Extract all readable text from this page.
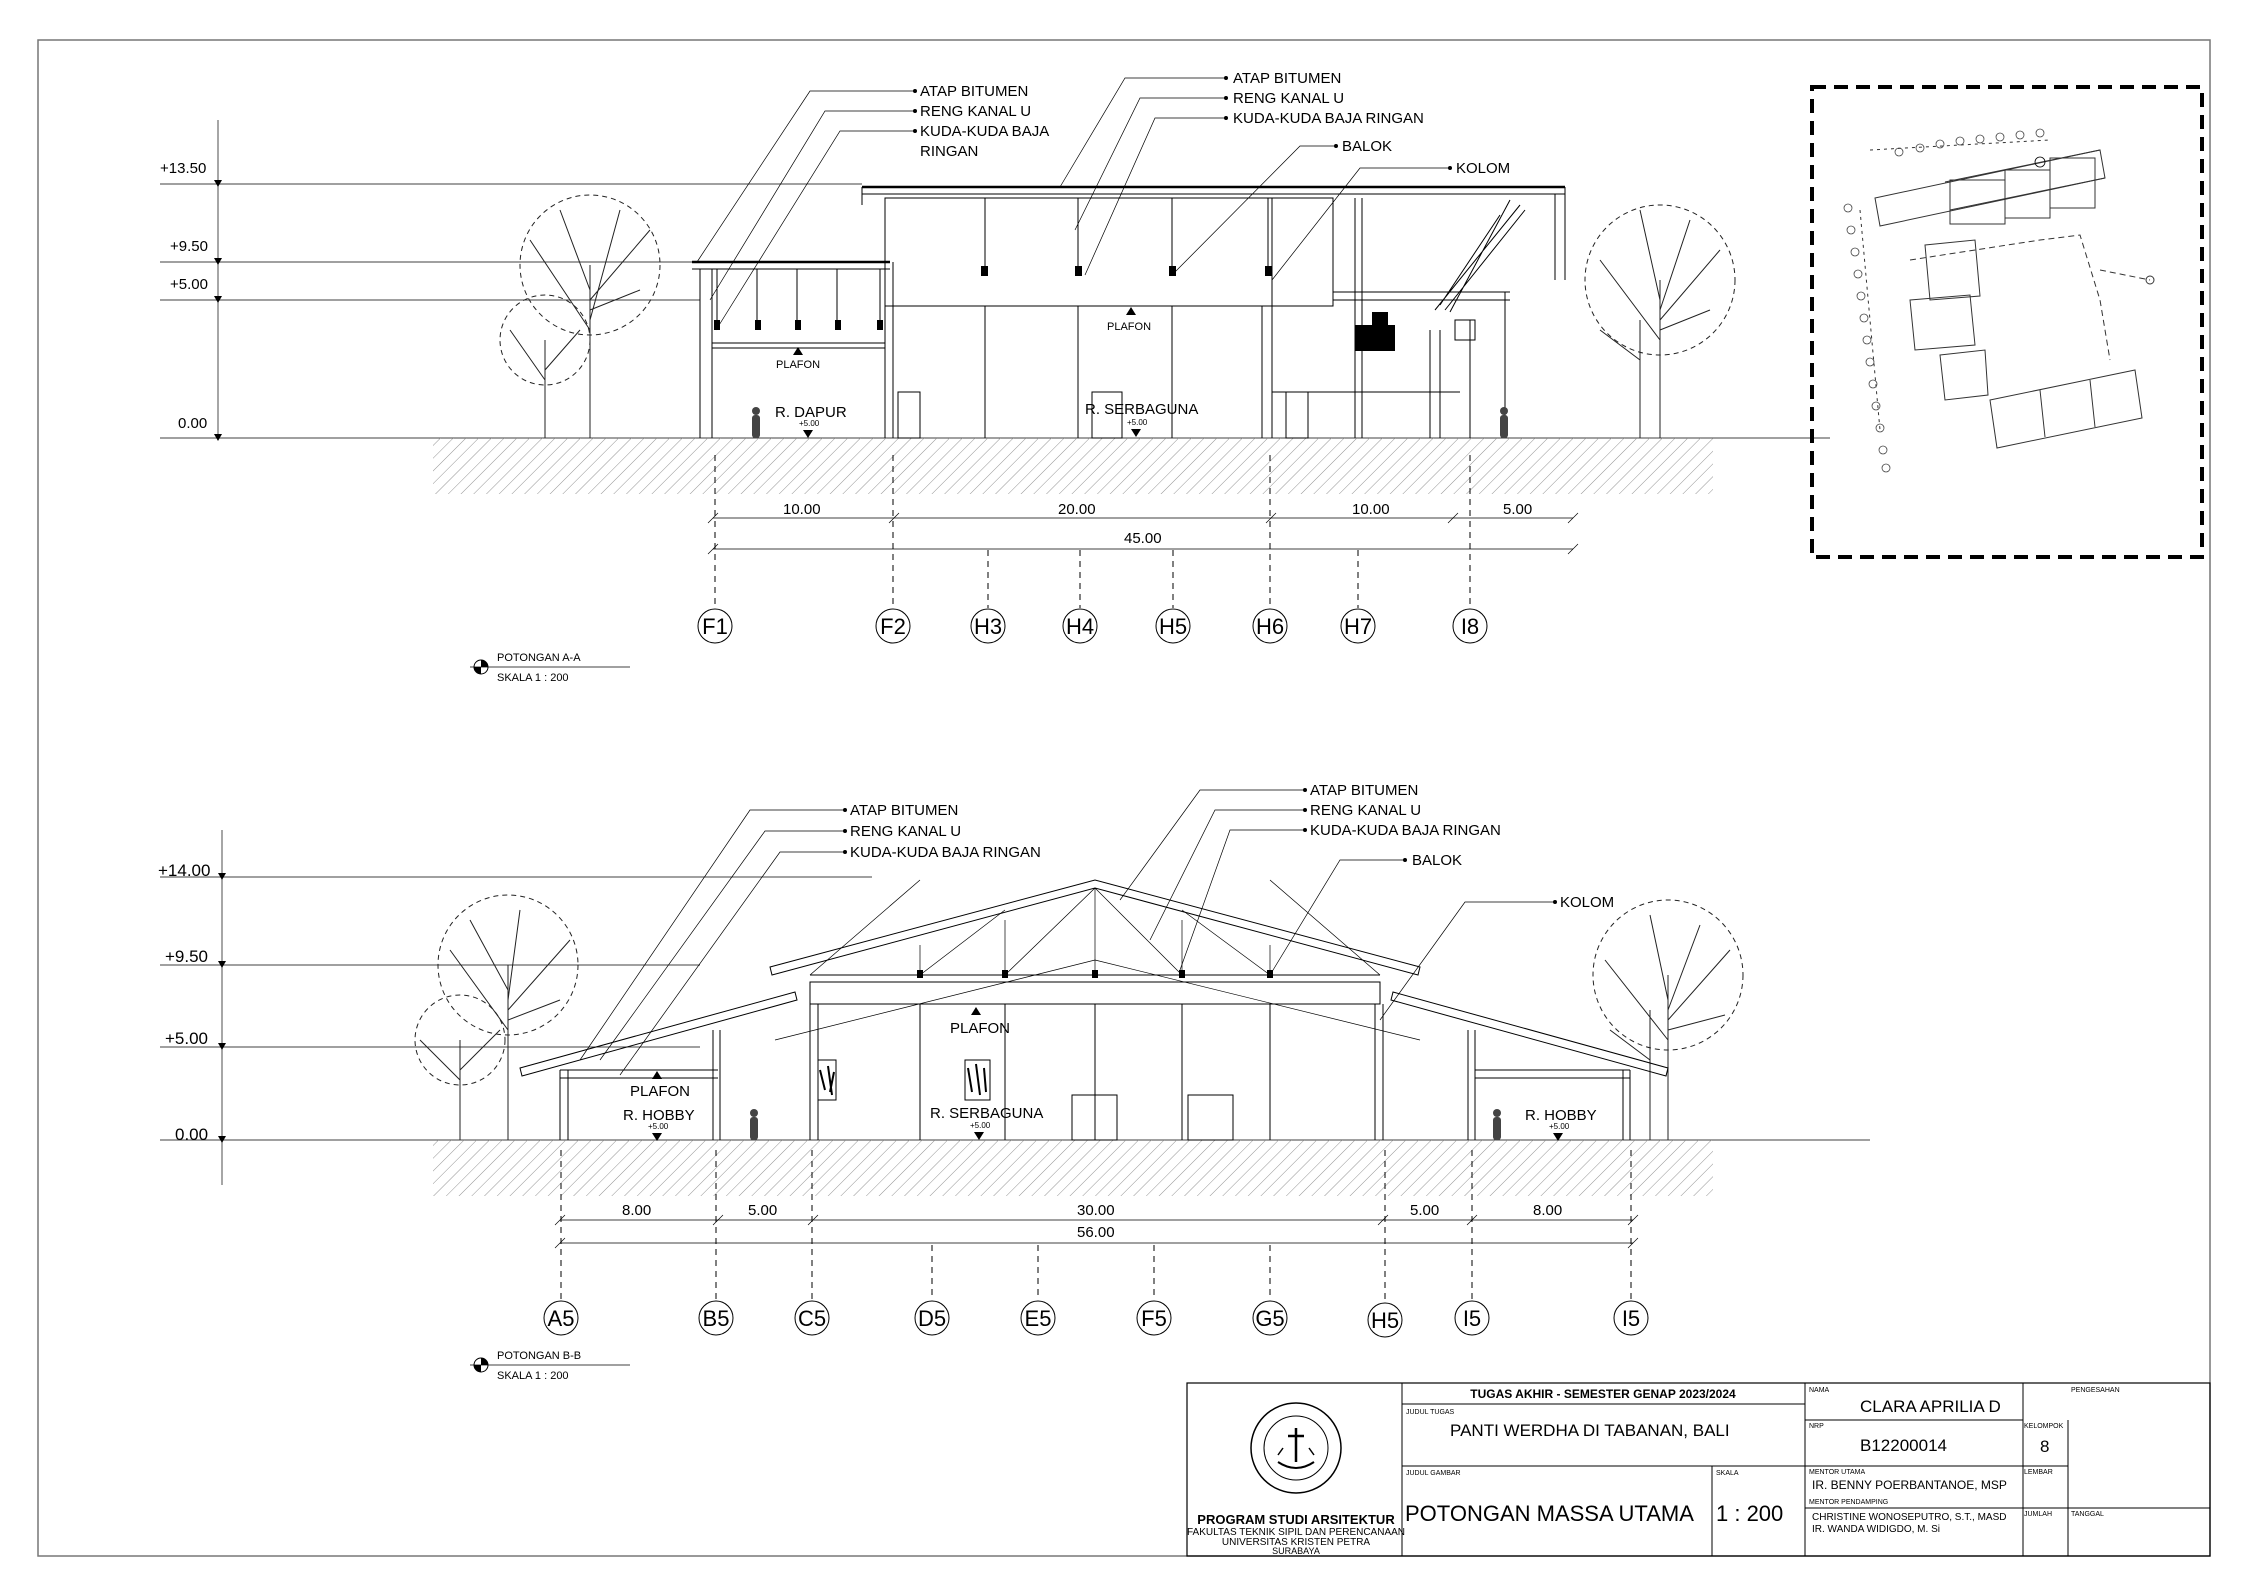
+13.50
+9.50
+5.00
0.00
PLAFON
PLAFON
R. DAPUR
+5.00
R. SERBAGUNA
+5.00
ATAP BITUMEN
RENG KANAL U
KUDA-KUDA BAJA
RINGAN
ATAP BITUMEN
RENG KANAL U
KUDA-KUDA BAJA RINGAN
BALOK
KOLOM
10.00	20.00	10.00	5.00
45.00
F1	F2	H3	H4	H5	H6	H7	I8
POTONGAN A-A
SKALA 1 : 200
+14.00
+9.50
+5.00
0.00
PLAFON
PLAFON
R. HOBBY
+5.00
R. SERBAGUNA
+5.00
R. HOBBY
+5.00
ATAP BITUMEN
RENG KANAL U
KUDA-KUDA BAJA RINGAN
ATAP BITUMEN
RENG KANAL U
KUDA-KUDA BAJA RINGAN
BALOK
KOLOM
8.00	5.00	30.00	5.00	8.00
56.00
A5	B5	C5	D5	E5	F5	G5	H5	I5	I5
POTONGAN B-B
SKALA 1 : 200
PROGRAM STUDI ARSITEKTUR
FAKULTAS TEKNIK SIPIL DAN PERENCANAAN
UNIVERSITAS KRISTEN PETRA
SURABAYA
TUGAS AKHIR - SEMESTER GENAP 2023/2024
JUDUL TUGAS
PANTI WERDHA DI TABANAN, BALI
JUDUL GAMBAR
POTONGAN MASSA UTAMA
SKALA
1 : 200
NAMA
CLARA APRILIA D
NRP
B12200014
KELOMPOK
8
MENTOR UTAMA
IR. BENNY POERBANTANOE, MSP
MENTOR PENDAMPING
CHRISTINE WONOSEPUTRO, S.T., MASD
IR. WANDA WIDIGDO, M. Si
LEMBAR
JUMLAH
PENGESAHAN
TANGGAL
